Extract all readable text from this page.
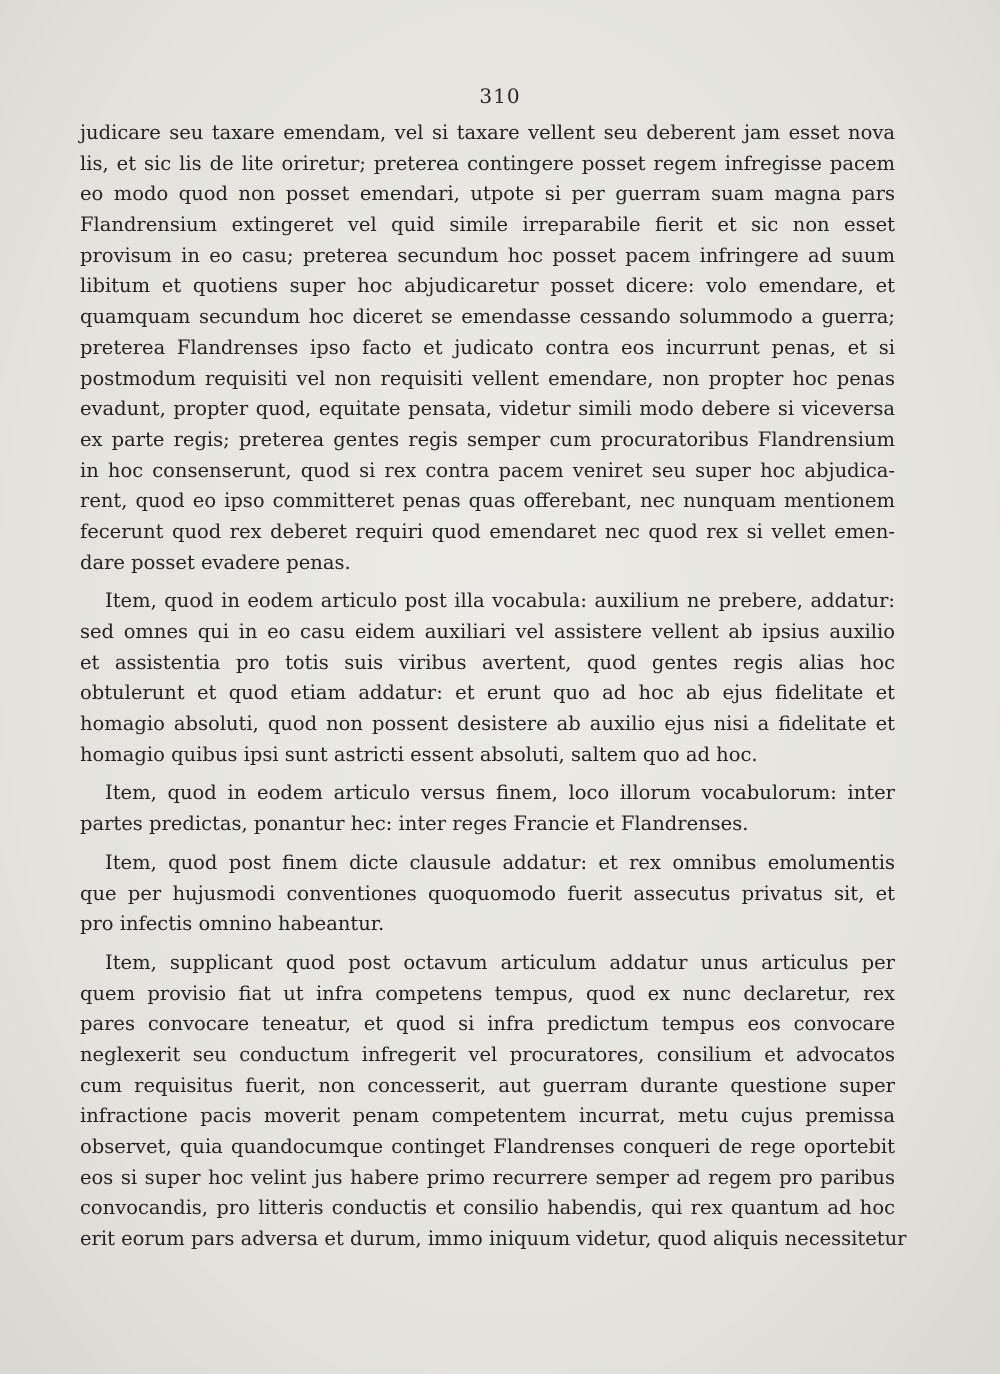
310
judicare seu taxare emendam, vel si taxare vellent seu deberent jam esset nova
lis, et sic lis de lite oriretur; preterea contingere posset regem infregisse pacem
eo modo quod non posset emendari, utpote si per guerram suam magna pars
Flandrensium extingeret vel quid simile irreparabile fierit et sic non esset
provisum in eo casu; preterea secundum hoc posset pacem infringere ad suum
libitum et quotiens super hoc abjudicaretur posset dicere: volo emendare, et
quamquam secundum hoc diceret se emendasse cessando solummodo a guerra;
preterea Flandrenses ipso facto et judicato contra eos incurrunt penas, et si
postmodum requisiti vel non requisiti vellent emendare, non propter hoc penas
evadunt, propter quod, equitate pensata, videtur simili modo debere si viceversa
ex parte regis; preterea gentes regis semper cum procuratoribus Flandrensium
in hoc consenserunt, quod si rex contra pacem veniret seu super hoc abjudica-
rent, quod eo ipso committeret penas quas offerebant, nec nunquam mentionem
fecerunt quod rex deberet requiri quod emendaret nec quod rex si vellet emen-
dare posset evadere penas.
Item, quod in eodem articulo post illa vocabula: auxilium ne prebere, addatur:
sed omnes qui in eo casu eidem auxiliari vel assistere vellent ab ipsius auxilio
et assistentia pro totis suis viribus avertent, quod gentes regis alias hoc
obtulerunt et quod etiam addatur: et erunt quo ad hoc ab ejus fidelitate et
homagio absoluti, quod non possent desistere ab auxilio ejus nisi a fidelitate et
homagio quibus ipsi sunt astricti essent absoluti, saltem quo ad hoc.
Item, quod in eodem articulo versus finem, loco illorum vocabulorum: inter
partes predictas, ponantur hec: inter reges Francie et Flandrenses.
Item, quod post finem dicte clausule addatur: et rex omnibus emolumentis
que per hujusmodi conventiones quoquomodo fuerit assecutus privatus sit, et
pro infectis omnino habeantur.
Item, supplicant quod post octavum articulum addatur unus articulus per
quem provisio fiat ut infra competens tempus, quod ex nunc declaretur, rex
pares convocare teneatur, et quod si infra predictum tempus eos convocare
neglexerit seu conductum infregerit vel procuratores, consilium et advocatos
cum requisitus fuerit, non concesserit, aut guerram durante questione super
infractione pacis moverit penam competentem incurrat, metu cujus premissa
observet, quia quandocumque continget Flandrenses conqueri de rege oportebit
eos si super hoc velint jus habere primo recurrere semper ad regem pro paribus
convocandis, pro litteris conductis et consilio habendis, qui rex quantum ad hoc
erit eorum pars adversa et durum, immo iniquum videtur, quod aliquis necessitetur
